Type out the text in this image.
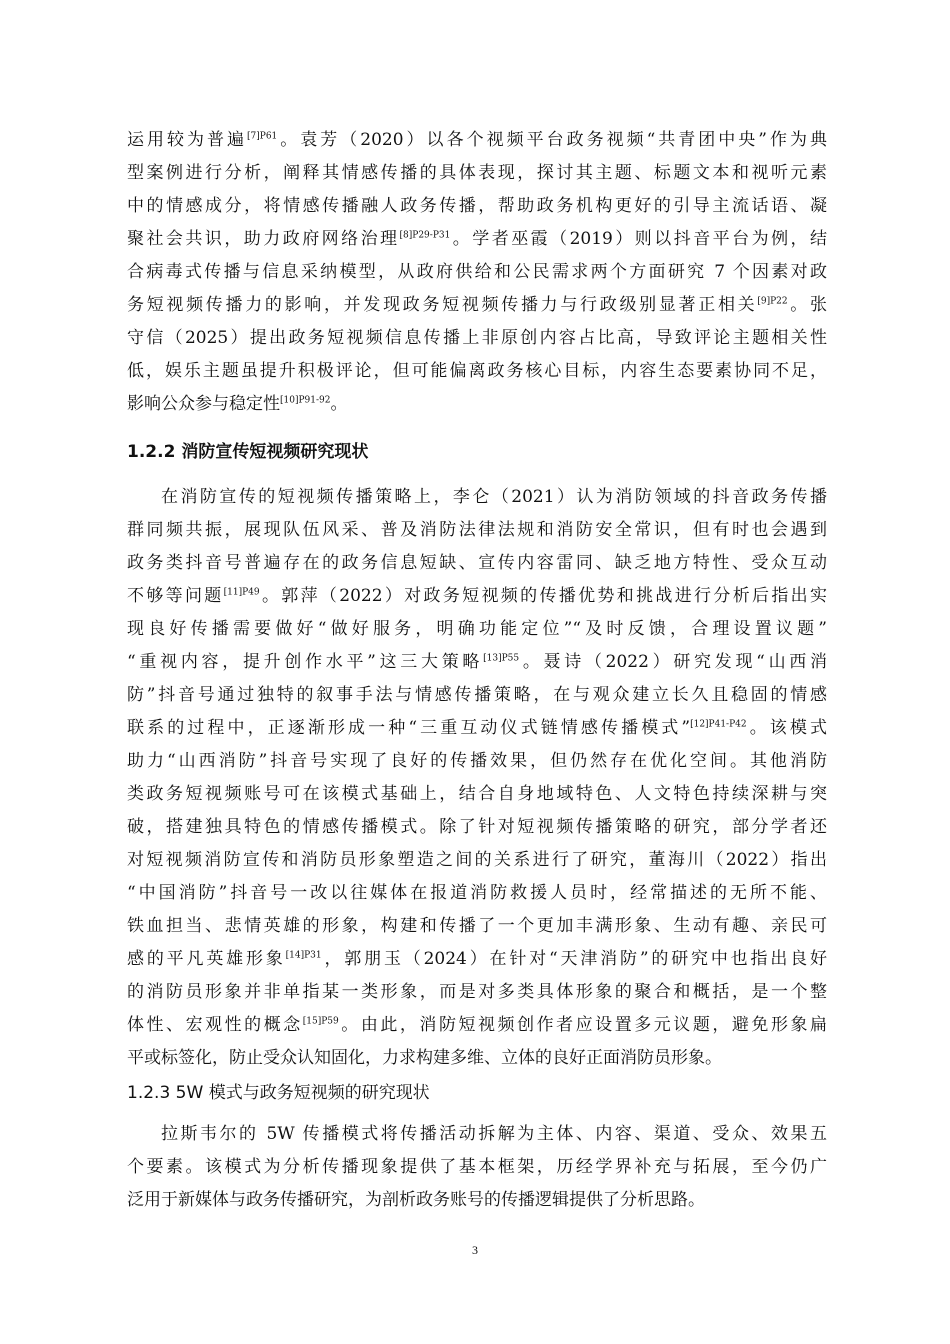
运用较为普遍$^{[7]P61}$。袁芳（2020）以各个视频平台政务视频“共青团中央”作为典
型案例进行分析，阐释其情感传播的具体表现，探讨其主题、标题文本和视听元素
中的情感成分，将情感传播融人政务传播，帮助政务机构更好的引导主流话语、凝
聚社会共识，助力政府网络治理$^{[8]P29-P31}$。学者巫霞（2019）则以抖音平台为例，结
合病毒式传播与信息采纳模型，从政府供给和公民需求两个方面研究 7 个因素对政
务短视频传播力的影响，并发现政务短视频传播力与行政级别显著正相关$^{[9]P22}$。张
守信（2025）提出政务短视频信息传播上非原创内容占比高，导致评论主题相关性
低，娱乐主题虽提升积极评论，但可能偏离政务核心目标，内容生态要素协同不足，
影响公众参与稳定性$^{[10]P91-92}$。
1.2.2 消防宣传短视频研究现状
在消防宣传的短视频传播策略上，李仑（2021）认为消防领域的抖音政务传播
群同频共振，展现队伍风采、普及消防法律法规和消防安全常识，但有时也会遇到
政务类抖音号普遍存在的政务信息短缺、宣传内容雷同、缺乏地方特性、受众互动
不够等问题$^{[11]P49}$。郭萍（2022）对政务短视频的传播优势和挑战进行分析后指出实
现良好传播需要做好“做好服务，明确功能定位”“及时反馈，合理设置议题”
“重视内容，提升创作水平”这三大策略$^{[13]P55}$。聂诗（2022）研究发现“山西消
防”抖音号通过独特的叙事手法与情感传播策略，在与观众建立长久且稳固的情感
联系的过程中，正逐渐形成一种“三重互动仪式链情感传播模式”$^{[12]P41-P42}$。该模式
助力“山西消防”抖音号实现了良好的传播效果，但仍然存在优化空间。其他消防
类政务短视频账号可在该模式基础上，结合自身地域特色、人文特色持续深耕与突
破，搭建独具特色的情感传播模式。除了针对短视频传播策略的研究，部分学者还
对短视频消防宣传和消防员形象塑造之间的关系进行了研究，董海川（2022）指出
“中国消防”抖音号一改以往媒体在报道消防救援人员时，经常描述的无所不能、
铁血担当、悲情英雄的形象，构建和传播了一个更加丰满形象、生动有趣、亲民可
感的平凡英雄形象$^{[14]P31}$，郭朋玉（2024）在针对“天津消防”的研究中也指出良好
的消防员形象并非单指某一类形象，而是对多类具体形象的聚合和概括，是一个整
体性、宏观性的概念$^{[15]P59}$。由此，消防短视频创作者应设置多元议题，避免形象扁
平或标签化，防止受众认知固化，力求构建多维、立体的良好正面消防员形象。
1.2.3 5W 模式与政务短视频的研究现状
拉斯韦尔的 5W 传播模式将传播活动拆解为主体、内容、渠道、受众、效果五
个要素。该模式为分析传播现象提供了基本框架，历经学界补充与拓展，至今仍广
泛用于新媒体与政务传播研究，为剖析政务账号的传播逻辑提供了分析思路。
3
